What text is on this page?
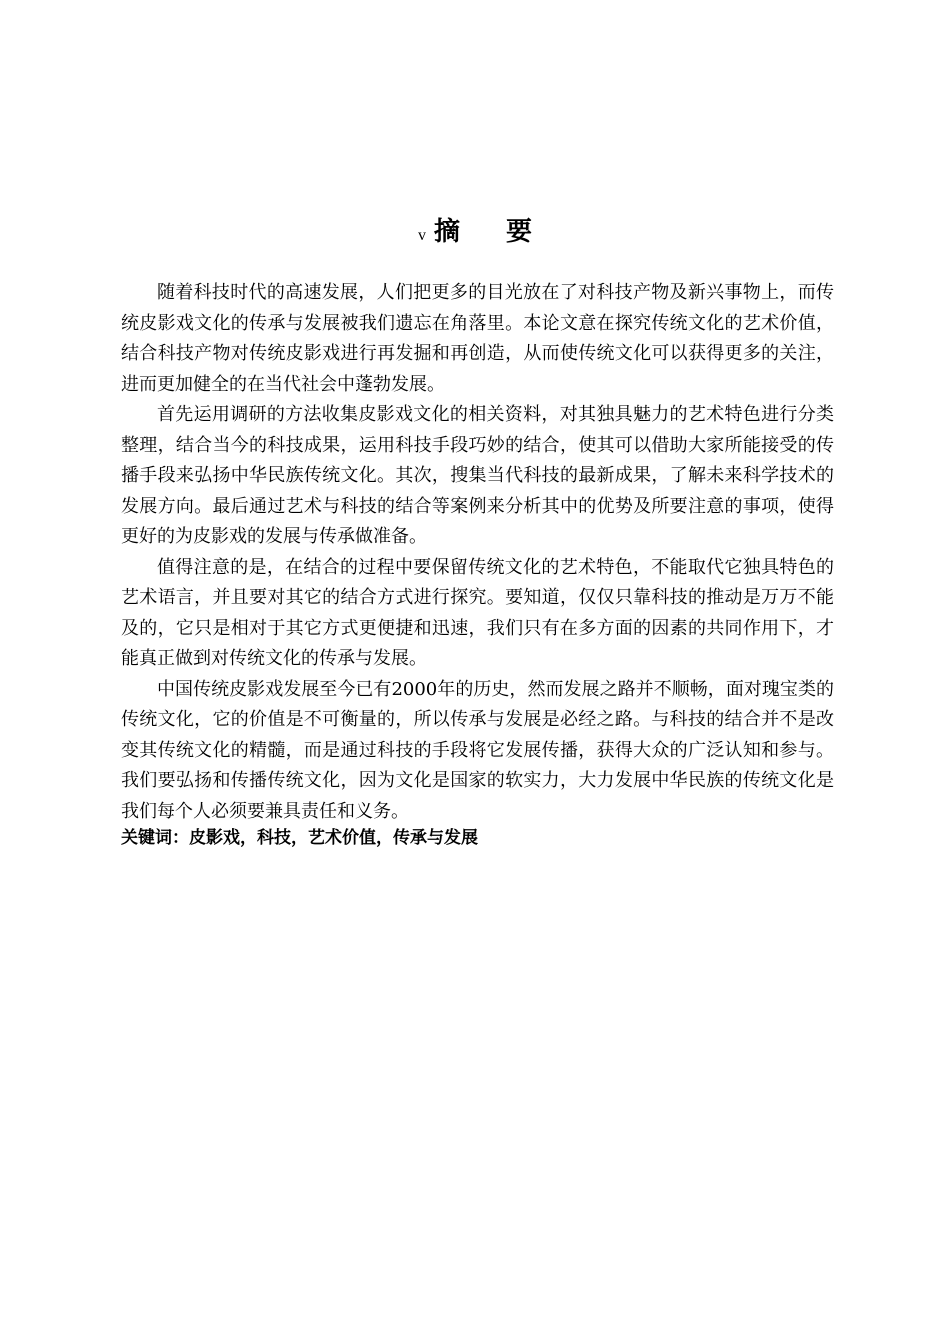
v 摘要

随着科技时代的高速发展，人们把更多的目光放在了对科技产物及新兴事物上，而传统皮影戏文化的传承与发展被我们遗忘在角落里。本论文意在探究传统文化的艺术价值，结合科技产物对传统皮影戏进行再发掘和再创造，从而使传统文化可以获得更多的关注，进而更加健全的在当代社会中蓬勃发展。

首先运用调研的方法收集皮影戏文化的相关资料，对其独具魅力的艺术特色进行分类整理，结合当今的科技成果，运用科技手段巧妙的结合，使其可以借助大家所能接受的传播手段来弘扬中华民族传统文化。其次，搜集当代科技的最新成果，了解未来科学技术的发展方向。最后通过艺术与科技的结合等案例来分析其中的优势及所要注意的事项，使得更好的为皮影戏的发展与传承做准备。

值得注意的是，在结合的过程中要保留传统文化的艺术特色，不能取代它独具特色的艺术语言，并且要对其它的结合方式进行探究。要知道，仅仅只靠科技的推动是万万不能及的，它只是相对于其它方式更便捷和迅速，我们只有在多方面的因素的共同作用下，才能真正做到对传统文化的传承与发展。

中国传统皮影戏发展至今已有2000年的历史，然而发展之路并不顺畅，面对瑰宝类的传统文化，它的价值是不可衡量的，所以传承与发展是必经之路。与科技的结合并不是改变其传统文化的精髓，而是通过科技的手段将它发展传播，获得大众的广泛认知和参与。我们要弘扬和传播传统文化，因为文化是国家的软实力，大力发展中华民族的传统文化是我们每个人必须要兼具责任和义务。

关键词：皮影戏，科技，艺术价值，传承与发展
